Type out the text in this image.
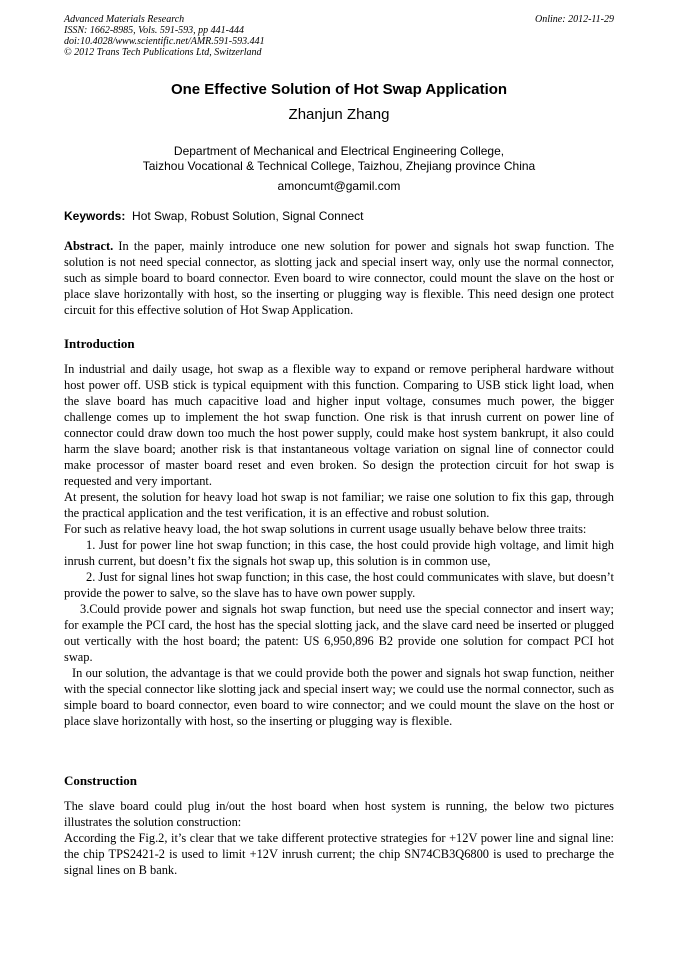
Advanced Materials Research
ISSN: 1662-8985, Vols. 591-593, pp 441-444
doi:10.4028/www.scientific.net/AMR.591-593.441
© 2012 Trans Tech Publications Ltd, Switzerland
Online: 2012-11-29
One Effective Solution of Hot Swap Application
Zhanjun Zhang
Department of Mechanical and Electrical Engineering College,
Taizhou Vocational & Technical College, Taizhou, Zhejiang province China
amoncumt@gamil.com
Keywords: Hot Swap, Robust Solution, Signal Connect
Abstract. In the paper, mainly introduce one new solution for power and signals hot swap function. The solution is not need special connector, as slotting jack and special insert way, only use the normal connector, such as simple board to board connector. Even board to wire connector, could mount the slave on the host or place slave horizontally with host, so the inserting or plugging way is flexible. This need design one protect circuit for this effective solution of Hot Swap Application.
Introduction

In industrial and daily usage, hot swap as a flexible way to expand or remove peripheral hardware without host power off. USB stick is typical equipment with this function. Comparing to USB stick light load, when the slave board has much capacitive load and higher input voltage, consumes much power, the bigger challenge comes up to implement the hot swap function. One risk is that inrush current on power line of connector could draw down too much the host power supply, could make host system bankrupt, it also could harm the slave board; another risk is that instantaneous voltage variation on signal line of connector could make processor of master board reset and even broken. So design the protection circuit for hot swap is requested and very important.

At present, the solution for heavy load hot swap is not familiar; we raise one solution to fix this gap, through the practical application and the test verification, it is an effective and robust solution.

For such as relative heavy load, the hot swap solutions in current usage usually behave below three traits:

1. Just for power line hot swap function; in this case, the host could provide high voltage, and limit high inrush current, but doesn’t fix the signals hot swap up, this solution is in common use,

2. Just for signal lines hot swap function; in this case, the host could communicates with slave, but doesn’t provide the power to salve, so the slave has to have own power supply.

3.Could provide power and signals hot swap function, but need use the special connector and insert way; for example the PCI card, the host has the special slotting jack, and the slave card need be inserted or plugged out vertically with the host board; the patent: US 6,950,896 B2 provide one solution for compact PCI hot swap.

In our solution, the advantage is that we could provide both the power and signals hot swap function, neither with the special connector like slotting jack and special insert way; we could use the normal connector, such as simple board to board connector, even board to wire connector; and we could mount the slave on the host or place slave horizontally with host, so the inserting or plugging way is flexible.

Construction

The slave board could plug in/out the host board when host system is running, the below two pictures illustrates the solution construction:

According the Fig.2, it’s clear that we take different protective strategies for +12V power line and signal line: the chip TPS2421-2 is used to limit +12V inrush current; the chip SN74CB3Q6800 is used to precharge the signal lines on B bank.
